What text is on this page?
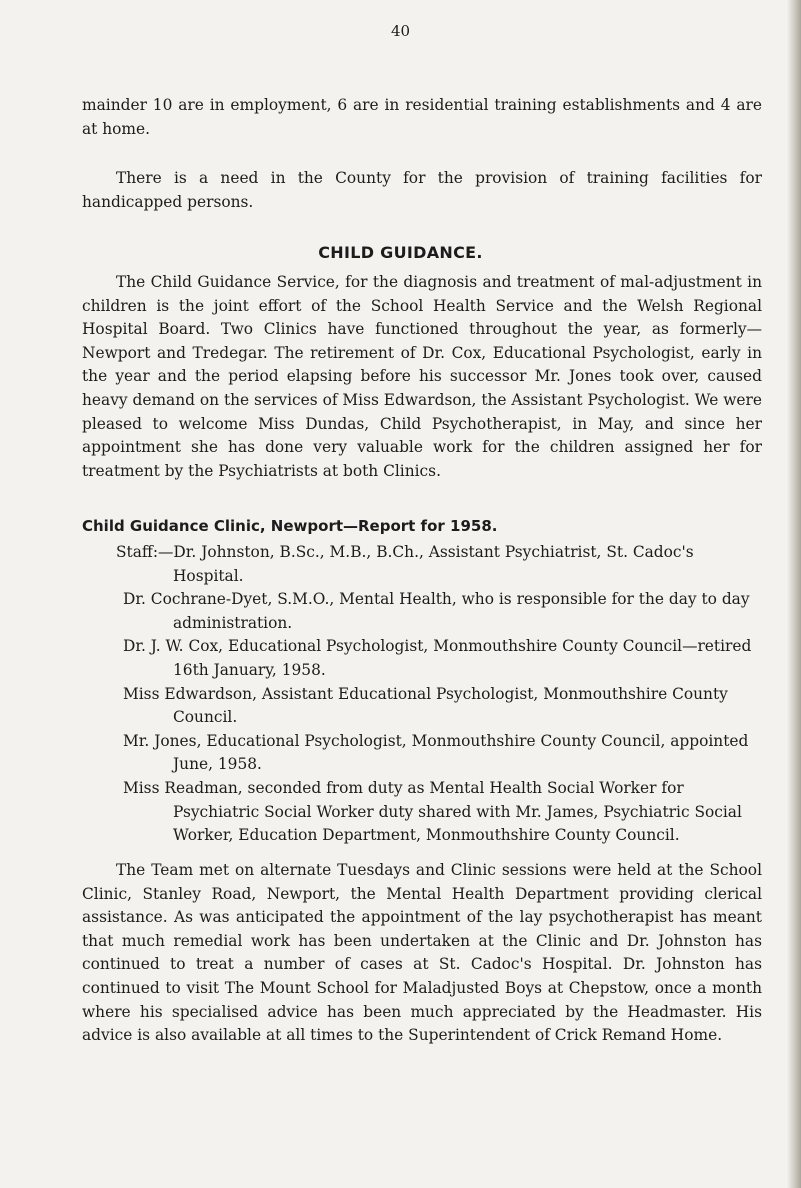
40

mainder 10 are in employment, 6 are in residential training establishments and 4 are at home.

There is a need in the County for the provision of training facilities for handicapped persons.

CHILD GUIDANCE.

The Child Guidance Service, for the diagnosis and treatment of mal-adjustment in children is the joint effort of the School Health Service and the Welsh Regional Hospital Board. Two Clinics have functioned throughout the year, as formerly—Newport and Tredegar. The retirement of Dr. Cox, Educational Psychologist, early in the year and the period elapsing before his successor Mr. Jones took over, caused heavy demand on the services of Miss Edwardson, the Assistant Psychologist. We were pleased to welcome Miss Dundas, Child Psychotherapist, in May, and since her appointment she has done very valuable work for the children assigned her for treatment by the Psychiatrists at both Clinics.

Child Guidance Clinic, Newport—Report for 1958.
Staff:—Dr. Johnston, B.Sc., M.B., B.Ch., Assistant Psychiatrist, St. Cadoc's Hospital.
Dr. Cochrane-Dyet, S.M.O., Mental Health, who is responsible for the day to day administration.
Dr. J. W. Cox, Educational Psychologist, Monmouthshire County Council—retired 16th January, 1958.
Miss Edwardson, Assistant Educational Psychologist, Monmouthshire County Council.
Mr. Jones, Educational Psychologist, Monmouthshire County Council, appointed June, 1958.
Miss Readman, seconded from duty as Mental Health Social Worker for Psychiatric Social Worker duty shared with Mr. James, Psychiatric Social Worker, Education Department, Monmouthshire County Council.

The Team met on alternate Tuesdays and Clinic sessions were held at the School Clinic, Stanley Road, Newport, the Mental Health Department providing clerical assistance. As was anticipated the appointment of the lay psychotherapist has meant that much remedial work has been undertaken at the Clinic and Dr. Johnston has continued to treat a number of cases at St. Cadoc's Hospital. Dr. Johnston has continued to visit The Mount School for Maladjusted Boys at Chepstow, once a month where his specialised advice has been much appreciated by the Headmaster. His advice is also available at all times to the Superintendent of Crick Remand Home.
